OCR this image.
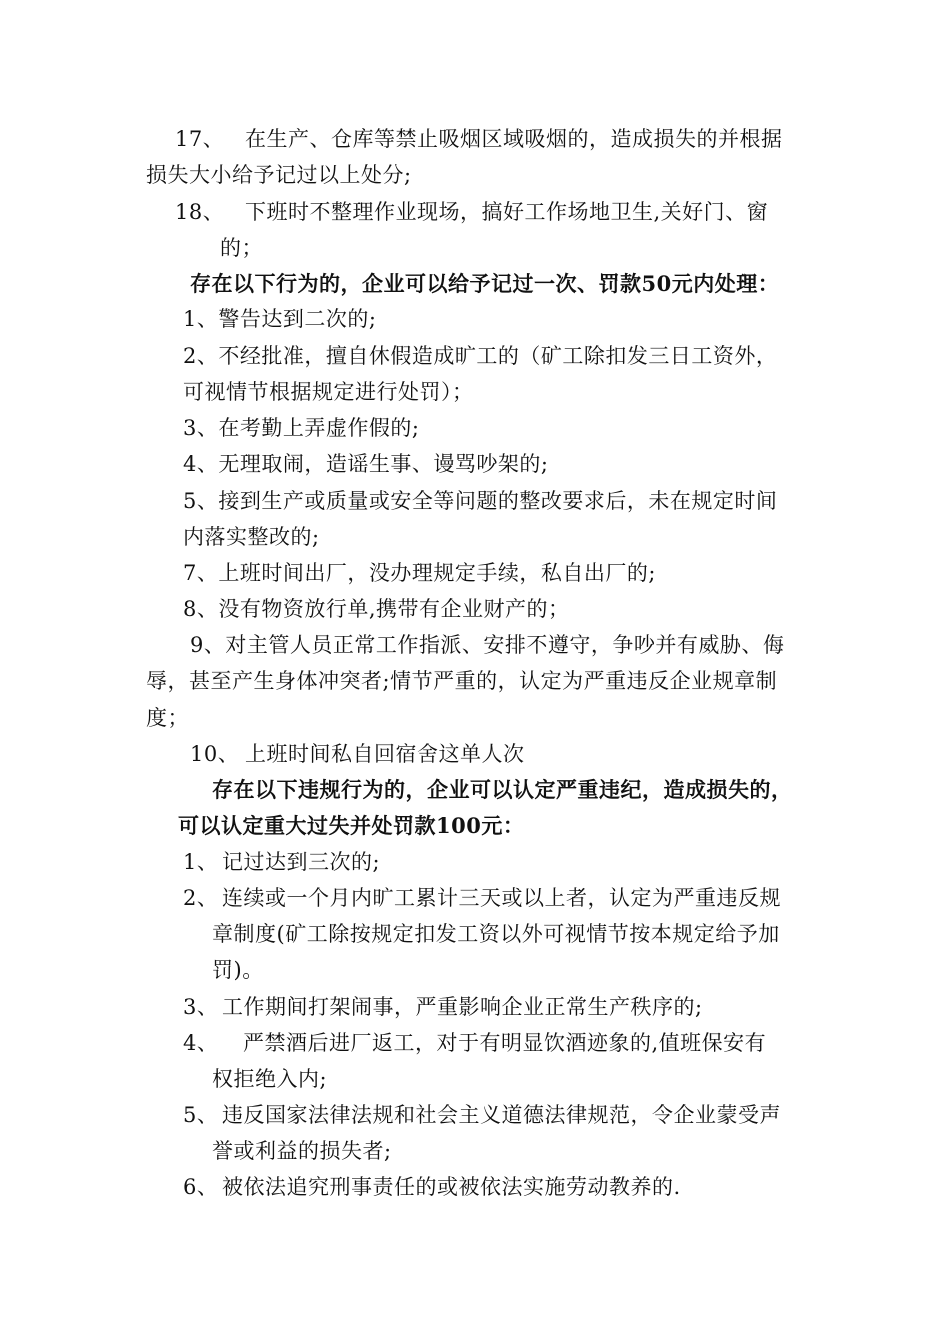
17、 在生产、仓库等禁止吸烟区域吸烟的，造成损失的并根据
损失大小给予记过以上处分;
18、 下班时不整理作业现场，搞好工作场地卫生,关好门、窗
的；
存在以下行为的，企业可以给予记过一次、罚款50元内处理：
1、警告达到二次的;
2、不经批准，擅自休假造成旷工的（矿工除扣发三日工资外，
可视情节根据规定进行处罚）；
3、在考勤上弄虚作假的;
4、无理取闹，造谣生事、谩骂吵架的;
5、接到生产或质量或安全等问题的整改要求后，未在规定时间
内落实整改的;
7、上班时间出厂，没办理规定手续，私自出厂的;
8、没有物资放行单,携带有企业财产的；
9、对主管人员正常工作指派、安排不遵守，争吵并有威胁、侮
辱，甚至产生身体冲突者;情节严重的，认定为严重违反企业规章制
度；
10、 上班时间私自回宿舍这单人次
存在以下违规行为的，企业可以认定严重违纪，造成损失的，
可以认定重大过失并处罚款100元：
1、 记过达到三次的;
2、 连续或一个月内旷工累计三天或以上者，认定为严重违反规
章制度(矿工除按规定扣发工资以外可视情节按本规定给予加
罚)。
3、 工作期间打架闹事，严重影响企业正常生产秩序的;
4、 严禁酒后进厂返工，对于有明显饮酒迹象的,值班保安有
权拒绝入内;
5、 违反国家法律法规和社会主义道德法律规范，令企业蒙受声
誉或利益的损失者;
6、 被依法追究刑事责任的或被依法实施劳动教养的.
